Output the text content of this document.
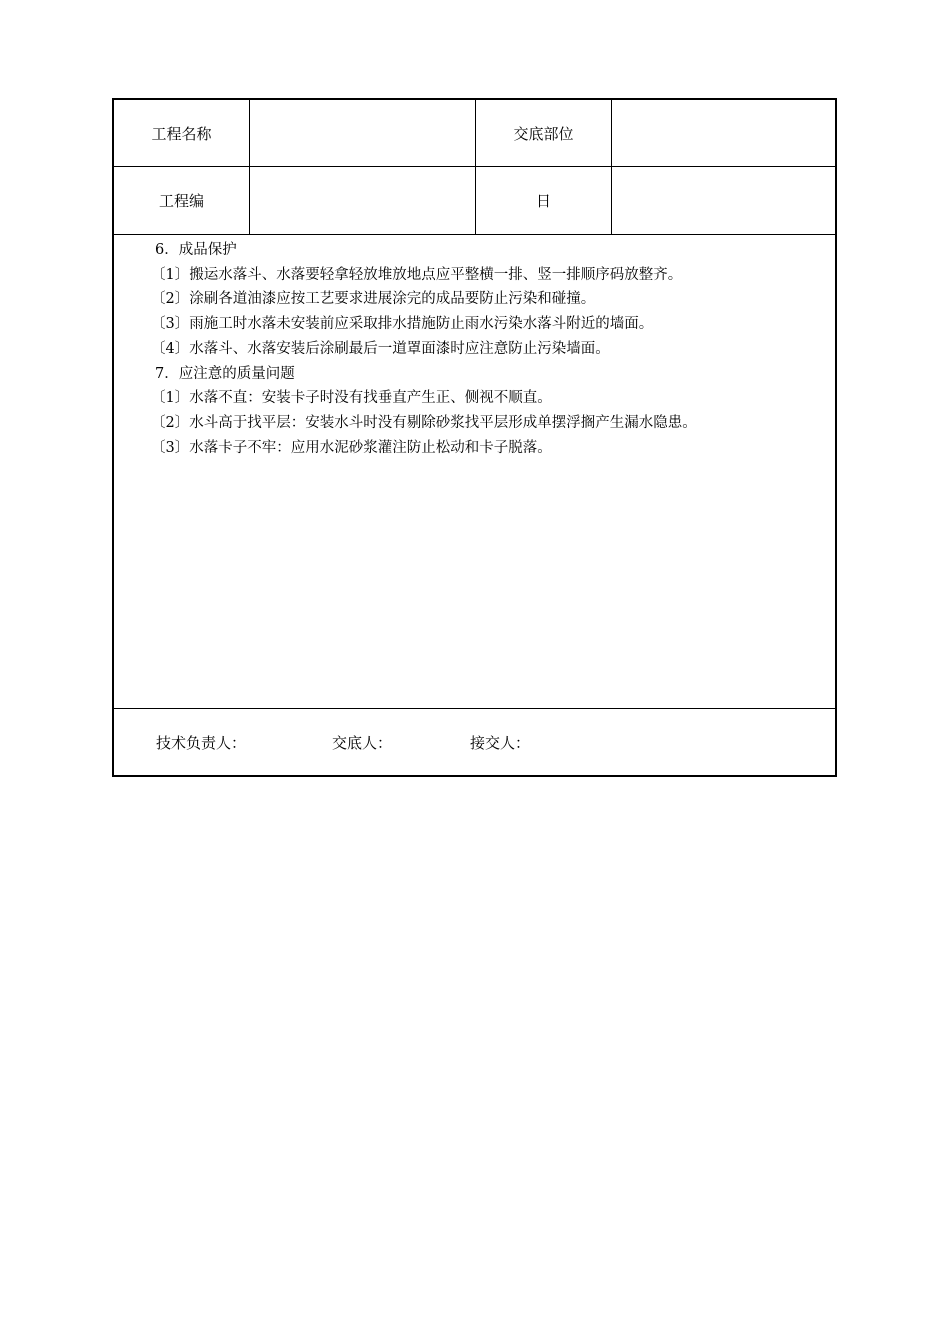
工程名称	交底部位
工程编	日
6．成品保护
〔1〕搬运水落斗、水落要轻拿轻放堆放地点应平整横一排、竖一排顺序码放整齐。
〔2〕涂刷各道油漆应按工艺要求进展涂完的成品要防止污染和碰撞。
〔3〕雨施工时水落未安装前应采取排水措施防止雨水污染水落斗附近的墙面。
〔4〕水落斗、水落安装后涂刷最后一道罩面漆时应注意防止污染墙面。
7．应注意的质量问题
〔1〕水落不直：安装卡子时没有找垂直产生正、侧视不顺直。
〔2〕水斗高于找平层：安装水斗时没有剔除砂浆找平层形成单摆浮搁产生漏水隐患。
〔3〕水落卡子不牢：应用水泥砂浆灌注防止松动和卡子脱落。
技术负责人：	交底人：	接交人：
